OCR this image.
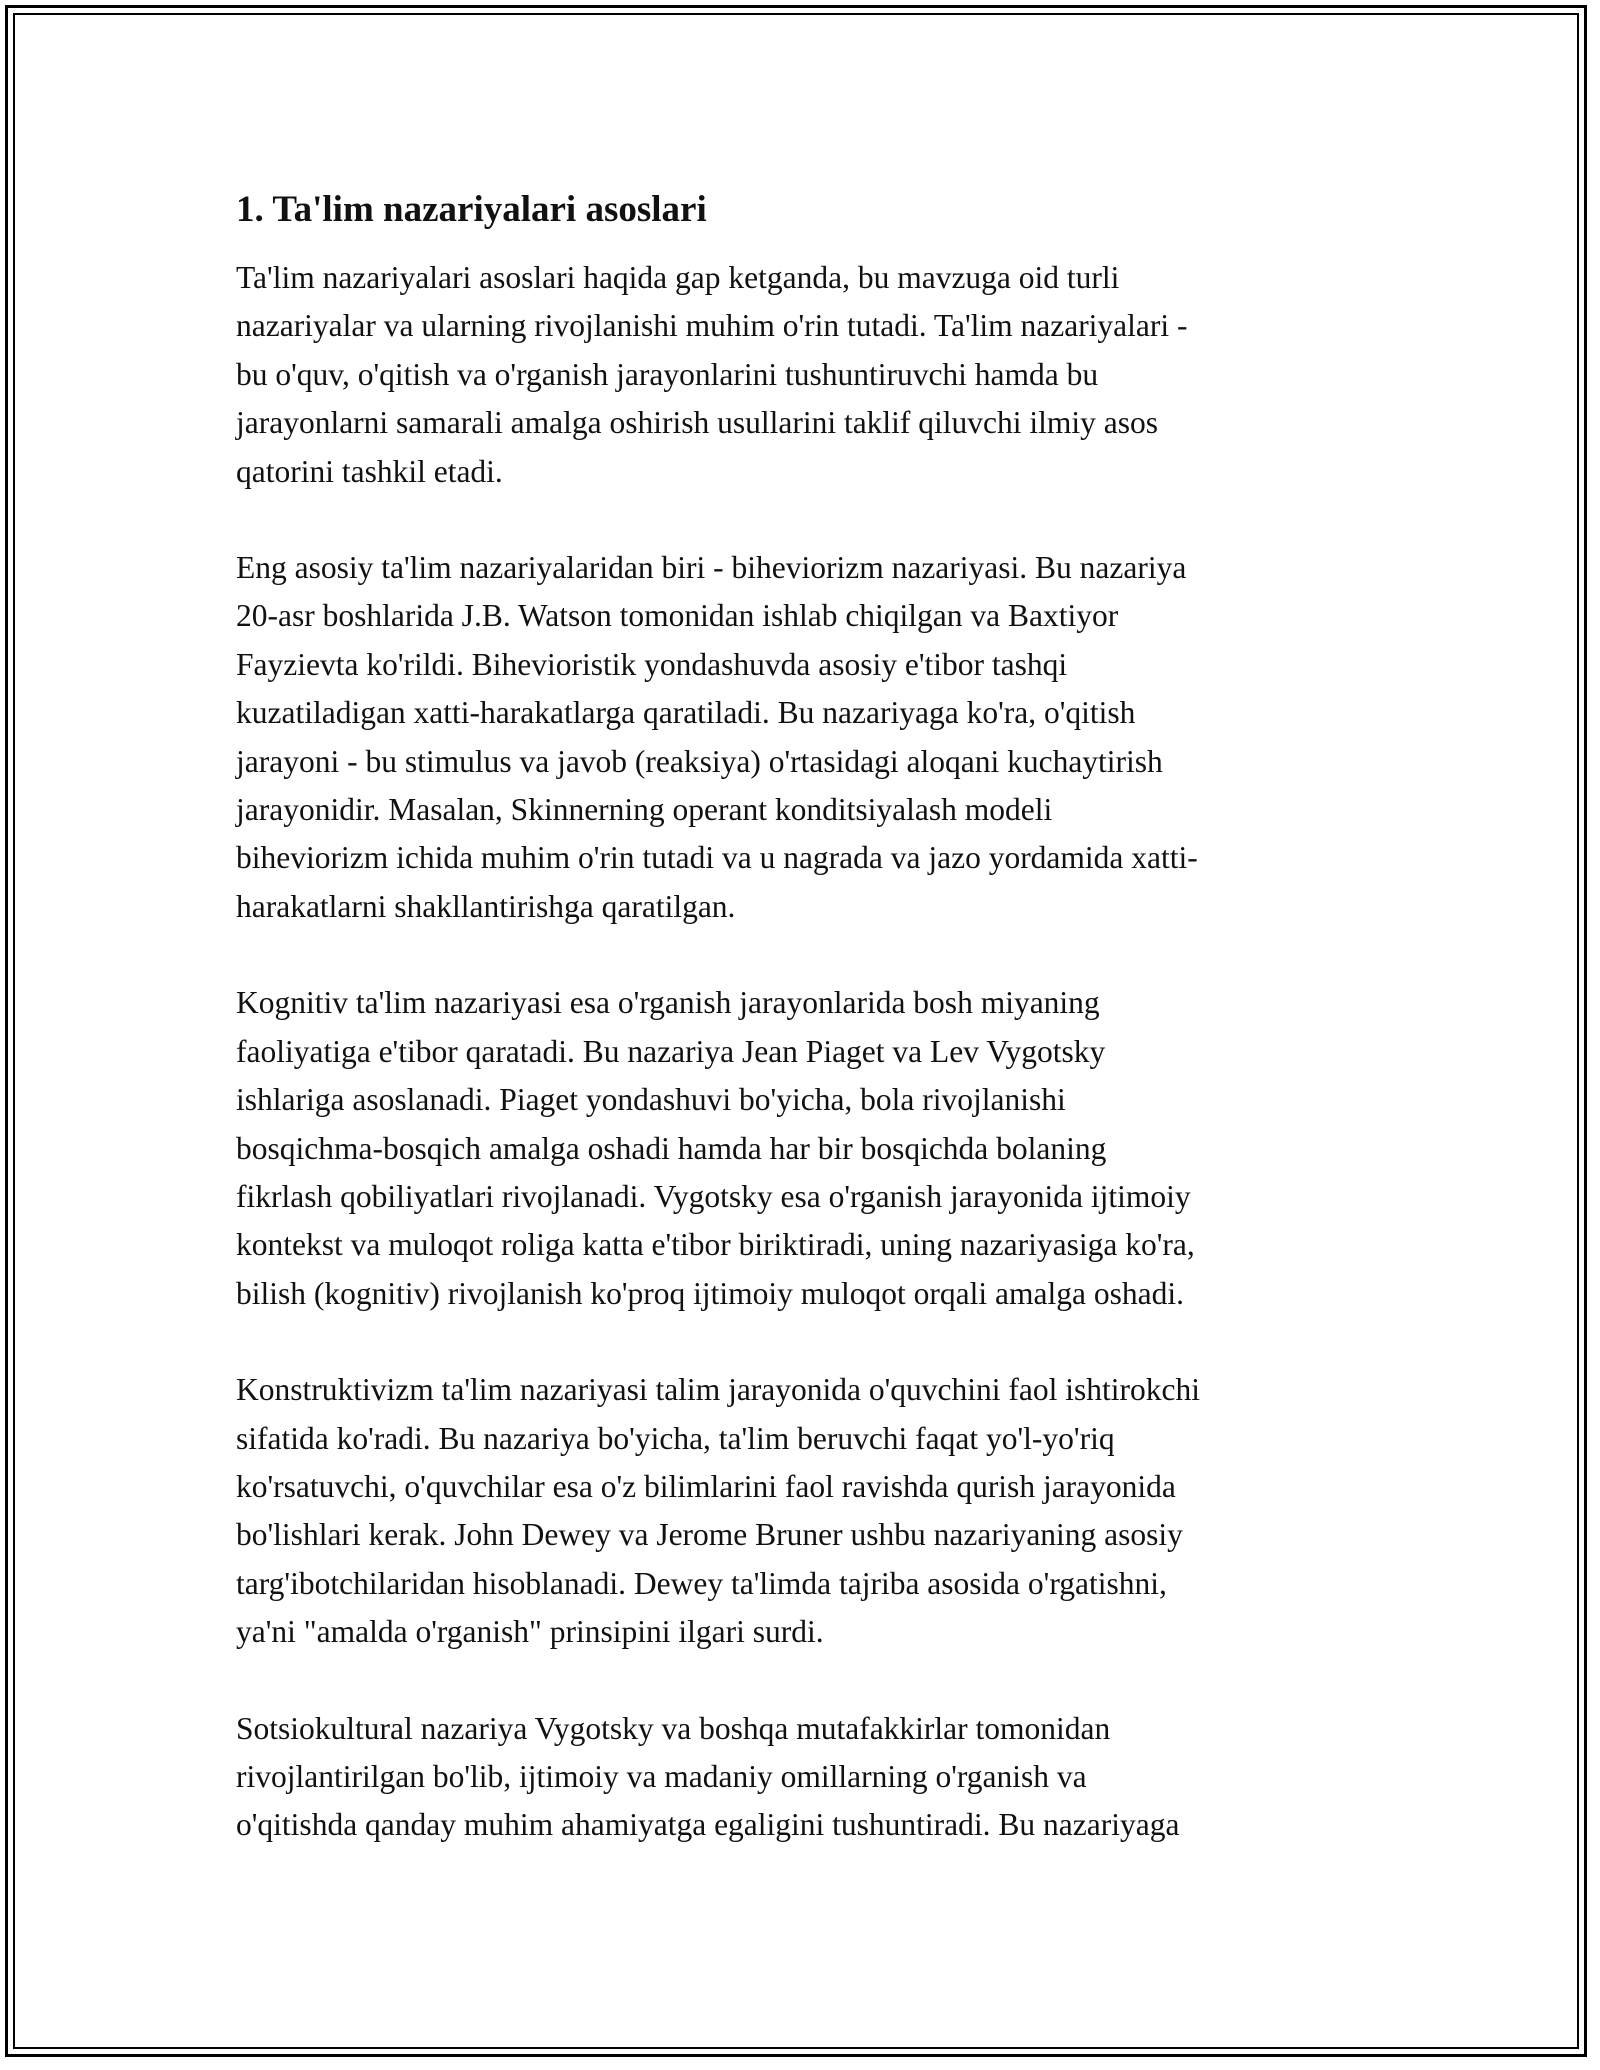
1. Ta'lim nazariyalari asoslari

Ta'lim nazariyalari asoslari haqida gap ketganda, bu mavzuga oid turli
nazariyalar va ularning rivojlanishi muhim o'rin tutadi. Ta'lim nazariyalari -
bu o'quv, o'qitish va o'rganish jarayonlarini tushuntiruvchi hamda bu
jarayonlarni samarali amalga oshirish usullarini taklif qiluvchi ilmiy asos
qatorini tashkil etadi.

Eng asosiy ta'lim nazariyalaridan biri - biheviorizm nazariyasi. Bu nazariya
20-asr boshlarida J.B. Watson tomonidan ishlab chiqilgan va Baxtiyor
Fayzievta ko'rildi. Bihevioristik yondashuvda asosiy e'tibor tashqi
kuzatiladigan xatti-harakatlarga qaratiladi. Bu nazariyaga ko'ra, o'qitish
jarayoni - bu stimulus va javob (reaksiya) o'rtasidagi aloqani kuchaytirish
jarayonidir. Masalan, Skinnerning operant konditsiyalash modeli
biheviorizm ichida muhim o'rin tutadi va u nagrada va jazo yordamida xatti-
harakatlarni shakllantirishga qaratilgan.

Kognitiv ta'lim nazariyasi esa o'rganish jarayonlarida bosh miyaning
faoliyatiga e'tibor qaratadi. Bu nazariya Jean Piaget va Lev Vygotsky
ishlariga asoslanadi. Piaget yondashuvi bo'yicha, bola rivojlanishi
bosqichma-bosqich amalga oshadi hamda har bir bosqichda bolaning
fikrlash qobiliyatlari rivojlanadi. Vygotsky esa o'rganish jarayonida ijtimoiy
kontekst va muloqot roliga katta e'tibor biriktiradi, uning nazariyasiga ko'ra,
bilish (kognitiv) rivojlanish ko'proq ijtimoiy muloqot orqali amalga oshadi.

Konstruktivizm ta'lim nazariyasi talim jarayonida o'quvchini faol ishtirokchi
sifatida ko'radi. Bu nazariya bo'yicha, ta'lim beruvchi faqat yo'l-yo'riq
ko'rsatuvchi, o'quvchilar esa o'z bilimlarini faol ravishda qurish jarayonida
bo'lishlari kerak. John Dewey va Jerome Bruner ushbu nazariyaning asosiy
targ'ibotchilaridan hisoblanadi. Dewey ta'limda tajriba asosida o'rgatishni,
ya'ni "amalda o'rganish" prinsipini ilgari surdi.

Sotsiokultural nazariya Vygotsky va boshqa mutafakkirlar tomonidan
rivojlantirilgan bo'lib, ijtimoiy va madaniy omillarning o'rganish va
o'qitishda qanday muhim ahamiyatga egaligini tushuntiradi. Bu nazariyaga
